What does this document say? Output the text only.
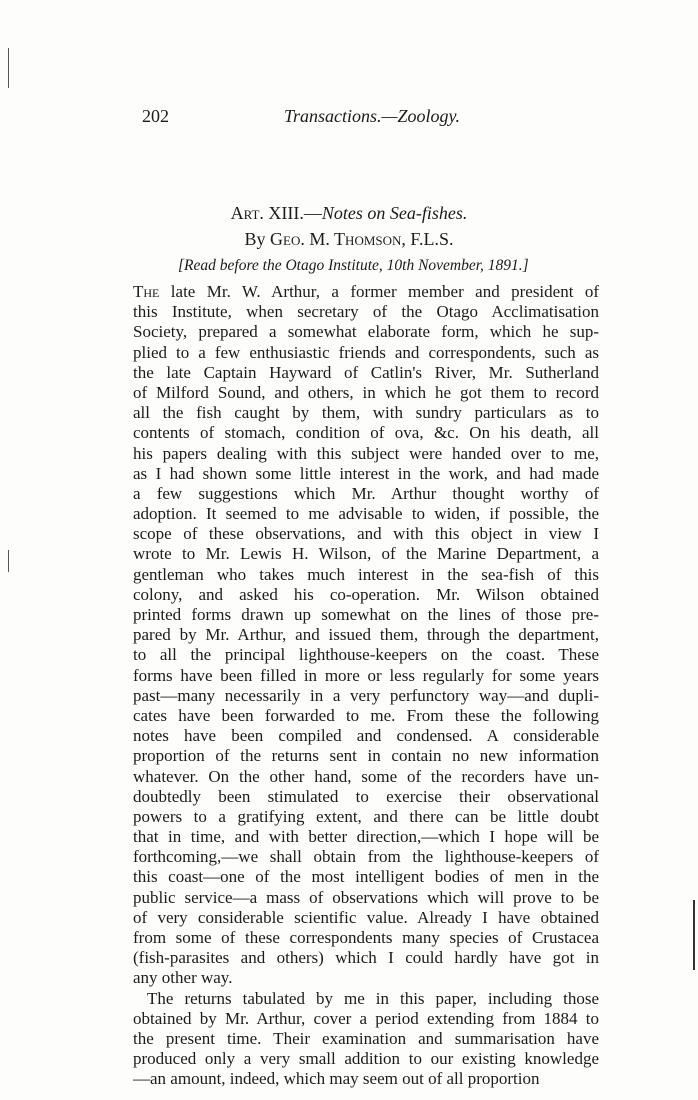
202	Transactions.—Zoology.
Art. XIII.—Notes on Sea-fishes.
By Geo. M. Thomson, F.L.S.
[Read before the Otago Institute, 10th November, 1891.]
The late Mr. W. Arthur, a former member and president of
this Institute, when secretary of the Otago Acclimatisation
Society, prepared a somewhat elaborate form, which he sup-
plied to a few enthusiastic friends and correspondents, such as
the late Captain Hayward of Catlin's River, Mr. Sutherland
of Milford Sound, and others, in which he got them to record
all the fish caught by them, with sundry particulars as to
contents of stomach, condition of ova, &c. On his death, all
his papers dealing with this subject were handed over to me,
as I had shown some little interest in the work, and had made
a few suggestions which Mr. Arthur thought worthy of
adoption. It seemed to me advisable to widen, if possible, the
scope of these observations, and with this object in view I
wrote to Mr. Lewis H. Wilson, of the Marine Department, a
gentleman who takes much interest in the sea-fish of this
colony, and asked his co-operation. Mr. Wilson obtained
printed forms drawn up somewhat on the lines of those pre-
pared by Mr. Arthur, and issued them, through the department,
to all the principal lighthouse-keepers on the coast. These
forms have been filled in more or less regularly for some years
past—many necessarily in a very perfunctory way—and dupli-
cates have been forwarded to me. From these the following
notes have been compiled and condensed. A considerable
proportion of the returns sent in contain no new information
whatever. On the other hand, some of the recorders have un-
doubtedly been stimulated to exercise their observational
powers to a gratifying extent, and there can be little doubt
that in time, and with better direction,—which I hope will be
forthcoming,—we shall obtain from the lighthouse-keepers of
this coast—one of the most intelligent bodies of men in the
public service—a mass of observations which will prove to be
of very considerable scientific value. Already I have obtained
from some of these correspondents many species of Crustacea
(fish-parasites and others) which I could hardly have got in
any other way.
The returns tabulated by me in this paper, including those
obtained by Mr. Arthur, cover a period extending from 1884 to
the present time. Their examination and summarisation have
produced only a very small addition to our existing knowledge
—an amount, indeed, which may seem out of all proportion
